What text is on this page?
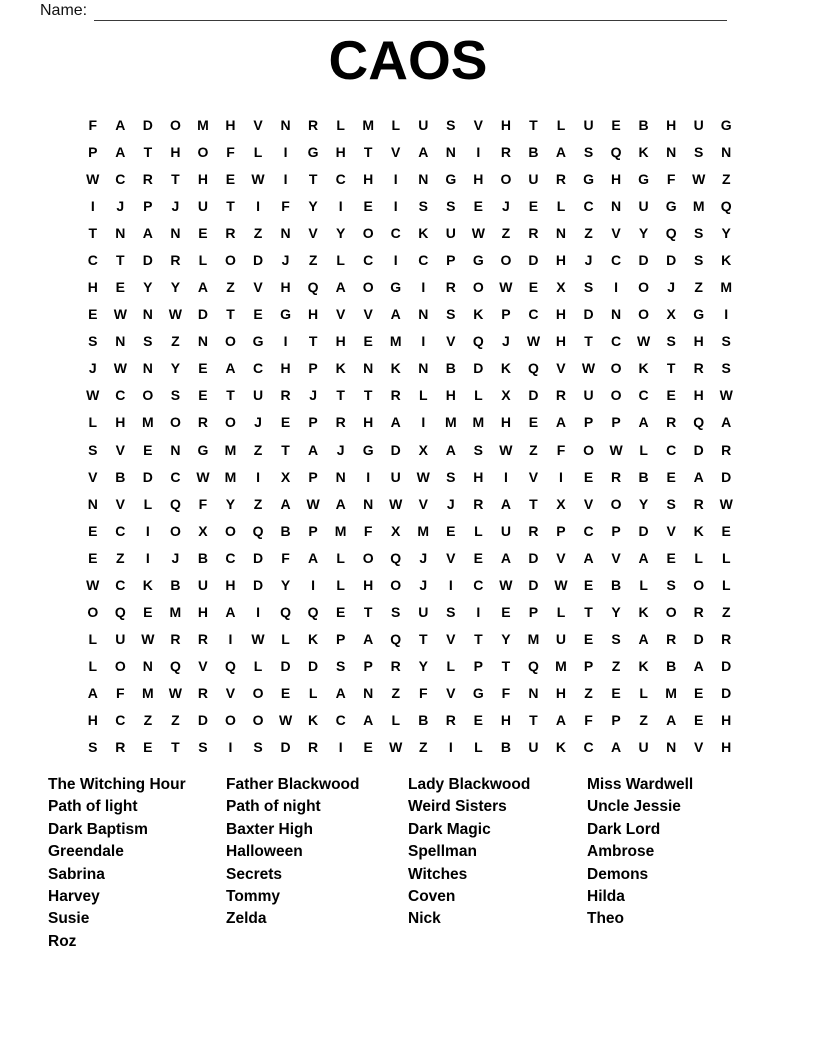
Name:
CAOS
F	A	D	O	M	H	V	N	R	L	M	L	U	S	V	H	T	L	U	E	B	H	U	G
P	A	T	H	O	F	L	I	G	H	T	V	A	N	I	R	B	A	S	Q	K	N	S	N
W	C	R	T	H	E	W	I	T	C	H	I	N	G	H	O	U	R	G	H	G	F	W	Z
I	J	P	J	U	T	I	F	Y	I	E	I	S	S	E	J	E	L	C	N	U	G	M	Q
T	N	A	N	E	R	Z	N	V	Y	O	C	K	U	W	Z	R	N	Z	V	Y	Q	S	Y
C	T	D	R	L	O	D	J	Z	L	C	I	C	P	G	O	D	H	J	C	D	D	S	K
H	E	Y	Y	A	Z	V	H	Q	A	O	G	I	R	O	W	E	X	S	I	O	J	Z	M
E	W	N	W	D	T	E	G	H	V	V	A	N	S	K	P	C	H	D	N	O	X	G	I
S	N	S	Z	N	O	G	I	T	H	E	M	I	V	Q	J	W	H	T	C	W	S	H	S
J	W	N	Y	E	A	C	H	P	K	N	K	N	B	D	K	Q	V	W	O	K	T	R	S
W	C	O	S	E	T	U	R	J	T	T	R	L	H	L	X	D	R	U	O	C	E	H	W
L	H	M	O	R	O	J	E	P	R	H	A	I	M	M	H	E	A	P	P	A	R	Q	A
S	V	E	N	G	M	Z	T	A	J	G	D	X	A	S	W	Z	F	O	W	L	C	D	R
V	B	D	C	W	M	I	X	P	N	I	U	W	S	H	I	V	I	E	R	B	E	A	D
N	V	L	Q	F	Y	Z	A	W	A	N	W	V	J	R	A	T	X	V	O	Y	S	R	W
E	C	I	O	X	O	Q	B	P	M	F	X	M	E	L	U	R	P	C	P	D	V	K	E
E	Z	I	J	B	C	D	F	A	L	O	Q	J	V	E	A	D	V	A	V	A	E	L	L
W	C	K	B	U	H	D	Y	I	L	H	O	J	I	C	W	D	W	E	B	L	S	O	L
O	Q	E	M	H	A	I	Q	Q	E	T	S	U	S	I	E	P	L	T	Y	K	O	R	Z
L	U	W	R	R	I	W	L	K	P	A	Q	T	V	T	Y	M	U	E	S	A	R	D	R
L	O	N	Q	V	Q	L	D	D	S	P	R	Y	L	P	T	Q	M	P	Z	K	B	A	D
A	F	M	W	R	V	O	E	L	A	N	Z	F	V	G	F	N	H	Z	E	L	M	E	D
H	C	Z	Z	D	O	O	W	K	C	A	L	B	R	E	H	T	A	F	P	Z	A	E	H
S	R	E	T	S	I	S	D	R	I	E	W	Z	I	L	B	U	K	C	A	U	N	V	H
The Witching Hour
Path of light
Dark Baptism
Greendale
Sabrina
Harvey
Susie
Roz
Father Blackwood
Path of night
Baxter High
Halloween
Secrets
Tommy
Zelda
Lady Blackwood
Weird Sisters
Dark Magic
Spellman
Witches
Coven
Nick
Miss Wardwell
Uncle Jessie
Dark Lord
Ambrose
Demons
Hilda
Theo
